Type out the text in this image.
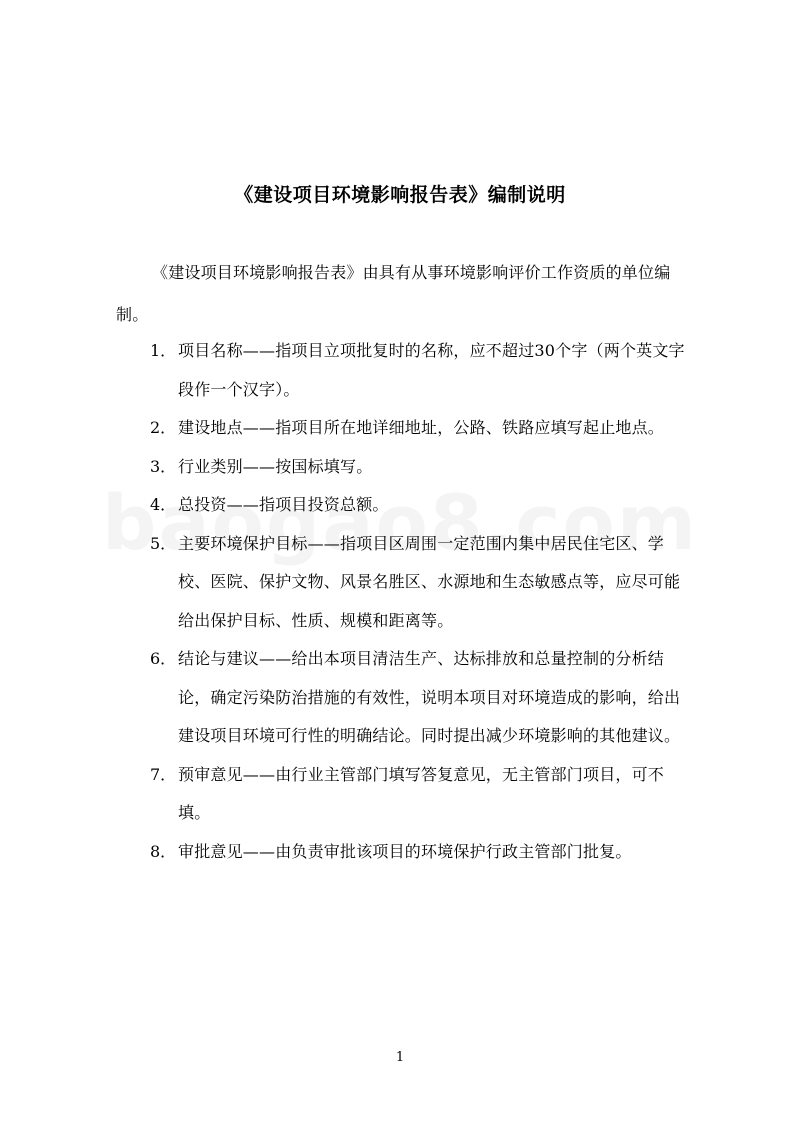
《建设项目环境影响报告表》编制说明
《建设项目环境影响报告表》由具有从事环境影响评价工作资质的单位编制。
1． 项目名称——指项目立项批复时的名称，应不超过30个字（两个英文字段作一个汉字）。
2． 建设地点——指项目所在地详细地址，公路、铁路应填写起止地点。
3． 行业类别——按国标填写。
4． 总投资——指项目投资总额。
5． 主要环境保护目标——指项目区周围一定范围内集中居民住宅区、学校、医院、保护文物、风景名胜区、水源地和生态敏感点等，应尽可能给出保护目标、性质、规模和距离等。
6． 结论与建议——给出本项目清洁生产、达标排放和总量控制的分析结论，确定污染防治措施的有效性，说明本项目对环境造成的影响，给出建设项目环境可行性的明确结论。同时提出减少环境影响的其他建议。
7． 预审意见——由行业主管部门填写答复意见，无主管部门项目，可不填。
8． 审批意见——由负责审批该项目的环境保护行政主管部门批复。
1
